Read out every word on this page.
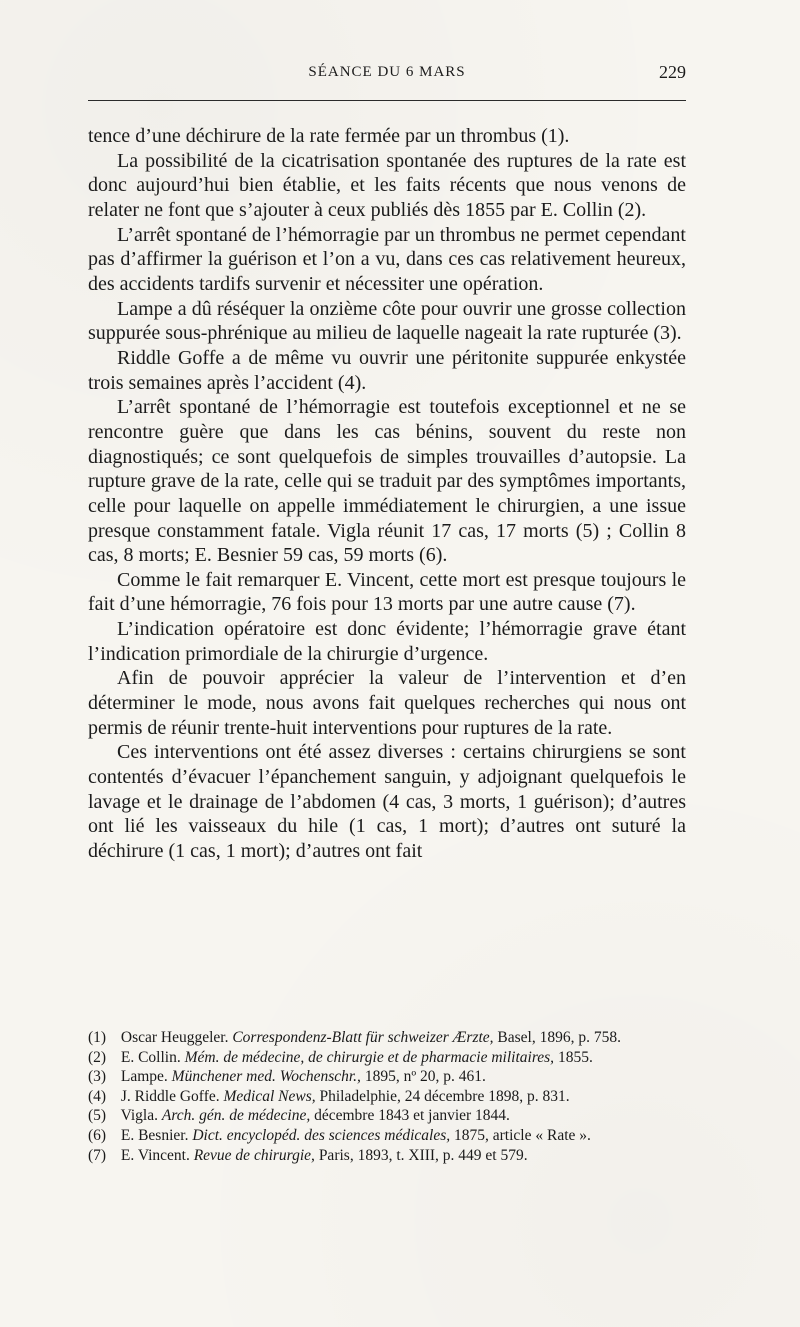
SÉANCE DU 6 MARS	229

tence d’une déchirure de la rate fermée par un thrombus (1).

La possibilité de la cicatrisation spontanée des ruptures de la rate est donc aujourd’hui bien établie, et les faits récents que nous venons de relater ne font que s’ajouter à ceux publiés dès 1855 par E. Collin (2).

L’arrêt spontané de l’hémorragie par un thrombus ne permet cependant pas d’affirmer la guérison et l’on a vu, dans ces cas relativement heureux, des accidents tardifs survenir et nécessiter une opération.

Lampe a dû réséquer la onzième côte pour ouvrir une grosse collection suppurée sous-phrénique au milieu de laquelle nageait la rate rupturée (3).

Riddle Goffe a de même vu ouvrir une péritonite suppurée enkystée trois semaines après l’accident (4).

L’arrêt spontané de l’hémorragie est toutefois exceptionnel et ne se rencontre guère que dans les cas bénins, souvent du reste non diagnostiqués; ce sont quelquefois de simples trouvailles d’autopsie. La rupture grave de la rate, celle qui se traduit par des symptômes importants, celle pour laquelle on appelle immédiatement le chirurgien, a une issue presque constamment fatale. Vigla réunit 17 cas, 17 morts (5) ; Collin 8 cas, 8 morts; E. Besnier 59 cas, 59 morts (6).

Comme le fait remarquer E. Vincent, cette mort est presque toujours le fait d’une hémorragie, 76 fois pour 13 morts par une autre cause (7).

L’indication opératoire est donc évidente; l’hémorragie grave étant l’indication primordiale de la chirurgie d’urgence.

Afin de pouvoir apprécier la valeur de l’intervention et d’en déterminer le mode, nous avons fait quelques recherches qui nous ont permis de réunir trente-huit interventions pour ruptures de la rate.

Ces interventions ont été assez diverses : certains chirurgiens se sont contentés d’évacuer l’épanchement sanguin, y adjoignant quelquefois le lavage et le drainage de l’abdomen (4 cas, 3 morts, 1 guérison); d’autres ont lié les vaisseaux du hile (1 cas, 1 mort); d’autres ont suturé la déchirure (1 cas, 1 mort); d’autres ont fait

(1) Oscar Heuggeler. Correspondenz-Blatt für schweizer Ærzte, Basel, 1896, p. 758.

(2) E. Collin. Mém. de médecine, de chirurgie et de pharmacie militaires, 1855.

(3) Lampe. Münchener med. Wochenschr., 1895, nº 20, p. 461.

(4) J. Riddle Goffe. Medical News, Philadelphie, 24 décembre 1898, p. 831.

(5) Vigla. Arch. gén. de médecine, décembre 1843 et janvier 1844.

(6) E. Besnier. Dict. encyclopéd. des sciences médicales, 1875, article « Rate ».

(7) E. Vincent. Revue de chirurgie, Paris, 1893, t. XIII, p. 449 et 579.
